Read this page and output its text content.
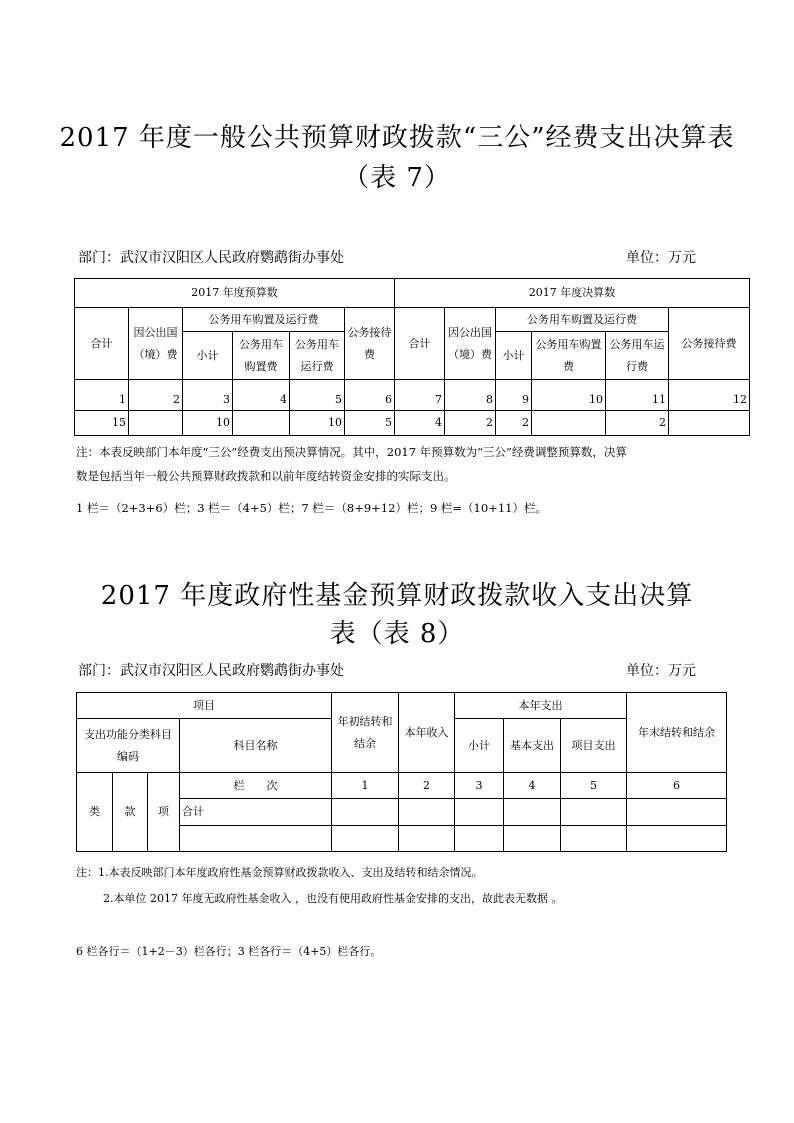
2017 年度一般公共预算财政拨款“三公”经费支出决算表
（表 7）
部门：武汉市汉阳区人民政府鹦鹉街办事处	单位：万元
2017 年度预算数						2017 年度决算数					
合计	因公出国（境）费	公务用车购置及运行费			公务接待费	合计	因公出国（境）费	公务用车购置及运行费			公务接待费
		小计	公务用车购置费	公务用车运行费				小计	公务用车购置费	公务用车运行费	

1	2	3	4	5	6	7	8	9	10	11	12
15		10		10	5	4	2	2		2	
注：本表反映部门本年度“三公”经费支出预决算情况。其中，2017 年预算数为“三公”经费调整预算数，决算
数是包括当年一般公共预算财政拨款和以前年度结转资金安排的实际支出。
1 栏＝（2+3+6）栏；3 栏＝（4+5）栏；7 栏＝（8+9+12）栏；9 栏=（10+11）栏。
2017 年度政府性基金预算财政拨款收入支出决算
表（表 8）
部门：武汉市汉阳区人民政府鹦鹉街办事处	单位：万元
项目				年初结转和结余	本年收入	本年支出			年末结转和结余
支出功能分类科目编码			科目名称			小计	基本支出	项目支出	
类	款	项	栏　　次	1	2	3	4	5	6
			合计						

注：1.本表反映部门本年度政府性基金预算财政拨款收入、支出及结转和结余情况。
2.本单位 2017 年度无政府性基金收入 ，也没有使用政府性基金安排的支出，故此表无数据 。
6 栏各行＝（1+2－3）栏各行；3 栏各行＝（4+5）栏各行。
